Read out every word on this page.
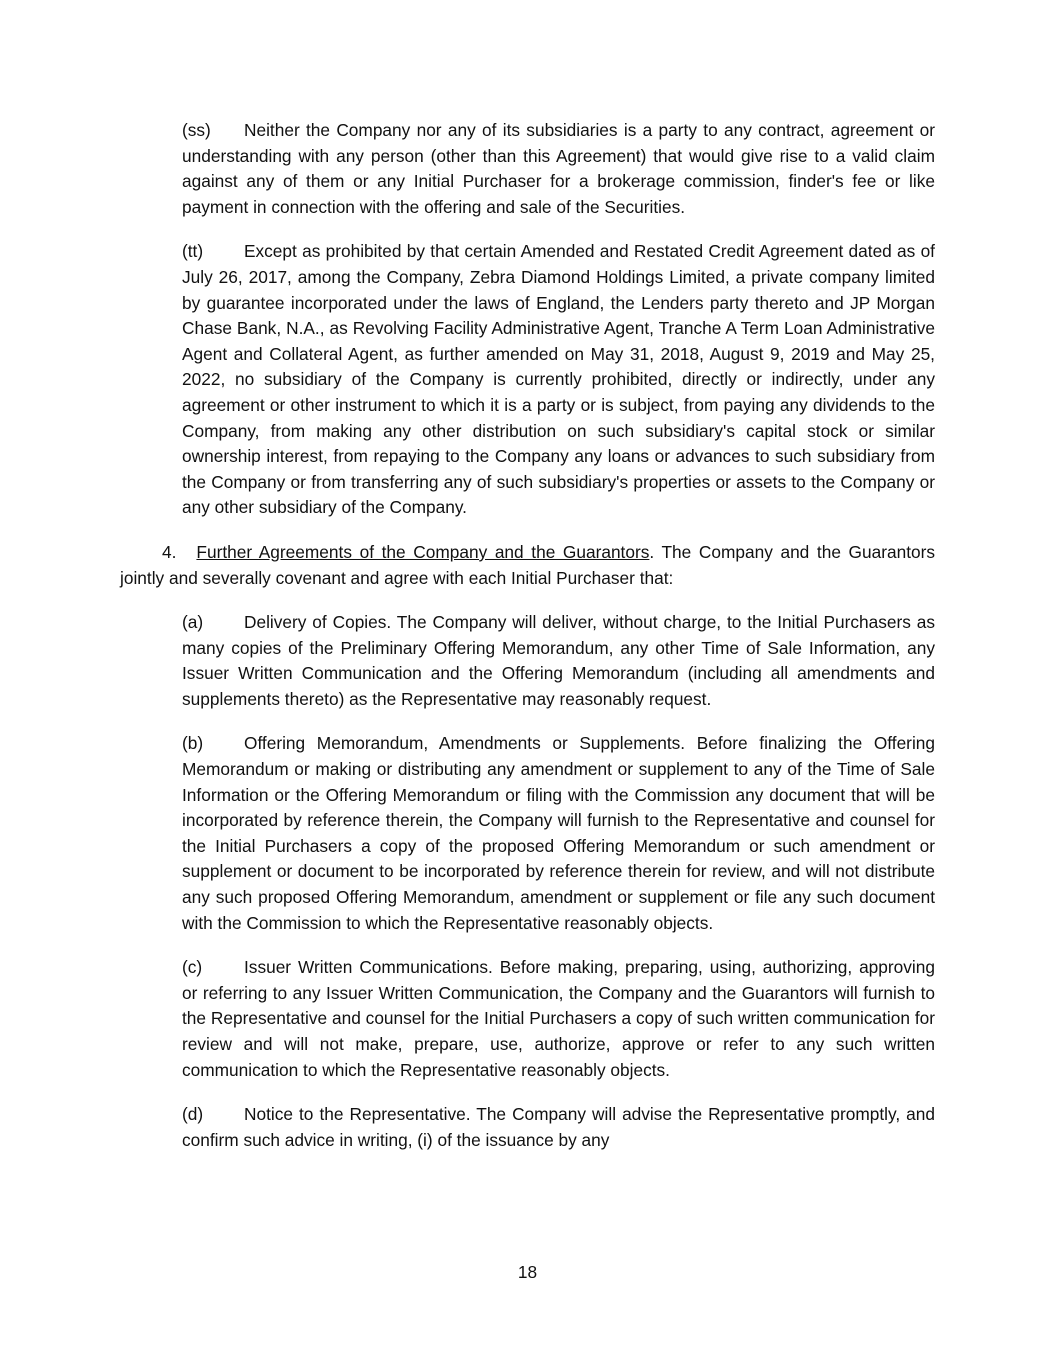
(ss) Neither the Company nor any of its subsidiaries is a party to any contract, agreement or understanding with any person (other than this Agreement) that would give rise to a valid claim against any of them or any Initial Purchaser for a brokerage commission, finder's fee or like payment in connection with the offering and sale of the Securities.

(tt) Except as prohibited by that certain Amended and Restated Credit Agreement dated as of July 26, 2017, among the Company, Zebra Diamond Holdings Limited, a private company limited by guarantee incorporated under the laws of England, the Lenders party thereto and JP Morgan Chase Bank, N.A., as Revolving Facility Administrative Agent, Tranche A Term Loan Administrative Agent and Collateral Agent, as further amended on May 31, 2018, August 9, 2019 and May 25, 2022, no subsidiary of the Company is currently prohibited, directly or indirectly, under any agreement or other instrument to which it is a party or is subject, from paying any dividends to the Company, from making any other distribution on such subsidiary's capital stock or similar ownership interest, from repaying to the Company any loans or advances to such subsidiary from the Company or from transferring any of such subsidiary's properties or assets to the Company or any other subsidiary of the Company.

4. Further Agreements of the Company and the Guarantors. The Company and the Guarantors jointly and severally covenant and agree with each Initial Purchaser that:

(a) Delivery of Copies. The Company will deliver, without charge, to the Initial Purchasers as many copies of the Preliminary Offering Memorandum, any other Time of Sale Information, any Issuer Written Communication and the Offering Memorandum (including all amendments and supplements thereto) as the Representative may reasonably request.

(b) Offering Memorandum, Amendments or Supplements. Before finalizing the Offering Memorandum or making or distributing any amendment or supplement to any of the Time of Sale Information or the Offering Memorandum or filing with the Commission any document that will be incorporated by reference therein, the Company will furnish to the Representative and counsel for the Initial Purchasers a copy of the proposed Offering Memorandum or such amendment or supplement or document to be incorporated by reference therein for review, and will not distribute any such proposed Offering Memorandum, amendment or supplement or file any such document with the Commission to which the Representative reasonably objects.

(c) Issuer Written Communications. Before making, preparing, using, authorizing, approving or referring to any Issuer Written Communication, the Company and the Guarantors will furnish to the Representative and counsel for the Initial Purchasers a copy of such written communication for review and will not make, prepare, use, authorize, approve or refer to any such written communication to which the Representative reasonably objects.

(d) Notice to the Representative. The Company will advise the Representative promptly, and confirm such advice in writing, (i) of the issuance by any

18
